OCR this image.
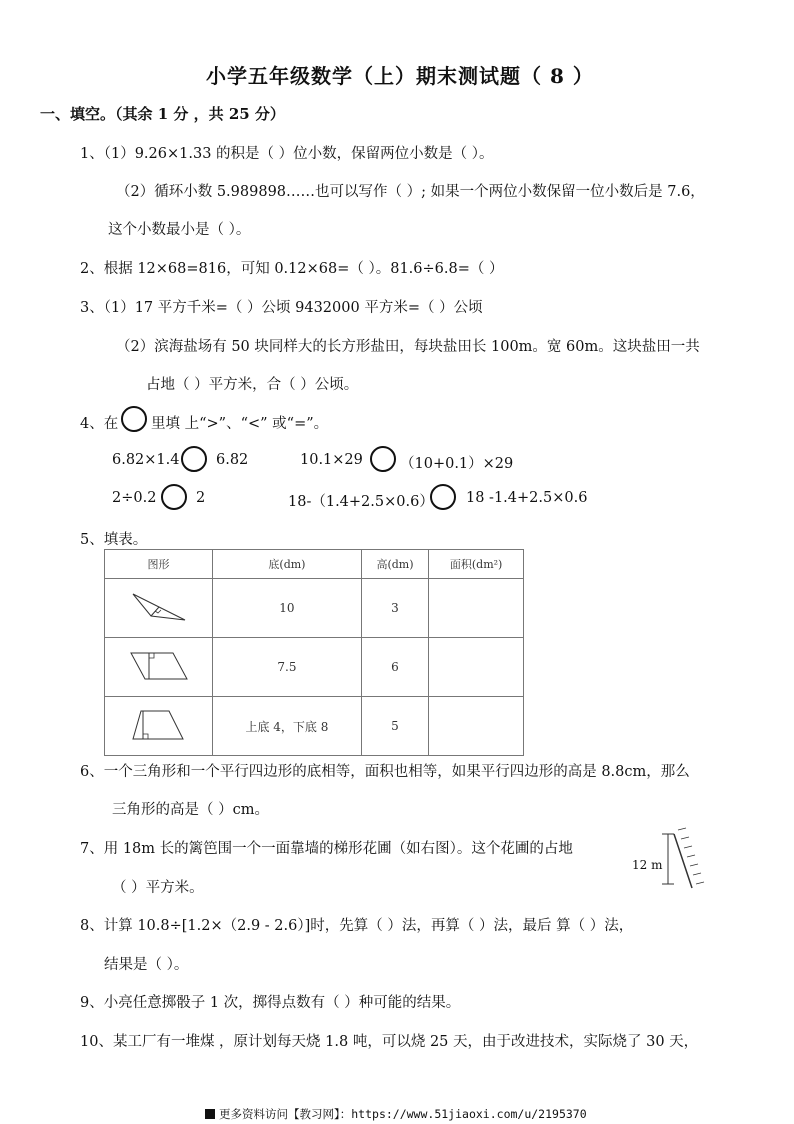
小学五年级数学（上）期末测试题（ 8 ）
一、填空。（其余 1 分 ，共 25 分）
1、（1）9.26×1.33 的积是（ ）位小数，保留两位小数是（ ）。
（2）循环小数 5.989898……也可以写作（ ）; 如果一个两位小数保留一位小数后是 7.6，
这个小数最小是（ ）。
2、根据 12×68=816，可知 0.12×68=（ ）。81.6÷6.8=（ ）
3、（1）17 平方千米=（ ）公顷 9432000 平方米=（ ）公顷
（2）滨海盐场有 50 块同样大的长方形盐田，每块盐田长 100m。宽 60m。这块盐田一共
占地（ ）平方米，合（ ）公顷。
4、在 里填 上“>”、“<” 或“=”。
6.82×1.4	6.82	10.1×29	（10+0.1）×29
2÷0.2	2	18-（1.4+2.5×0.6） 18 -1.4+2.5×0.6
5、填表。
图形	底(dm)	高(dm)	面积(dm²)
	10	3	
	7.5	6	
	上底 4，下底 8	5	
6、一个三角形和一个平行四边形的底相等，面积也相等，如果平行四边形的高是 8.8cm，那么
三角形的高是（ ）cm。
7、用 18m 长的篱笆围一个一面靠墙的梯形花圃（如右图）。这个花圃的占地
（ ）平方米。
12 m
8、计算 10.8÷[1.2×（2.9 - 2.6）]时，先算（ ）法，再算（ ）法，最后 算（ ）法，
结果是（ ）。
9、小亮任意掷骰子 1 次，掷得点数有（ ）种可能的结果。
10、某工厂有一堆煤 ，原计划每天烧 1.8 吨，可以烧 25 天，由于改进技术，实际烧了 30 天，
更多资料访问【教习网】：https://www.51jiaoxi.com/u/2195370
